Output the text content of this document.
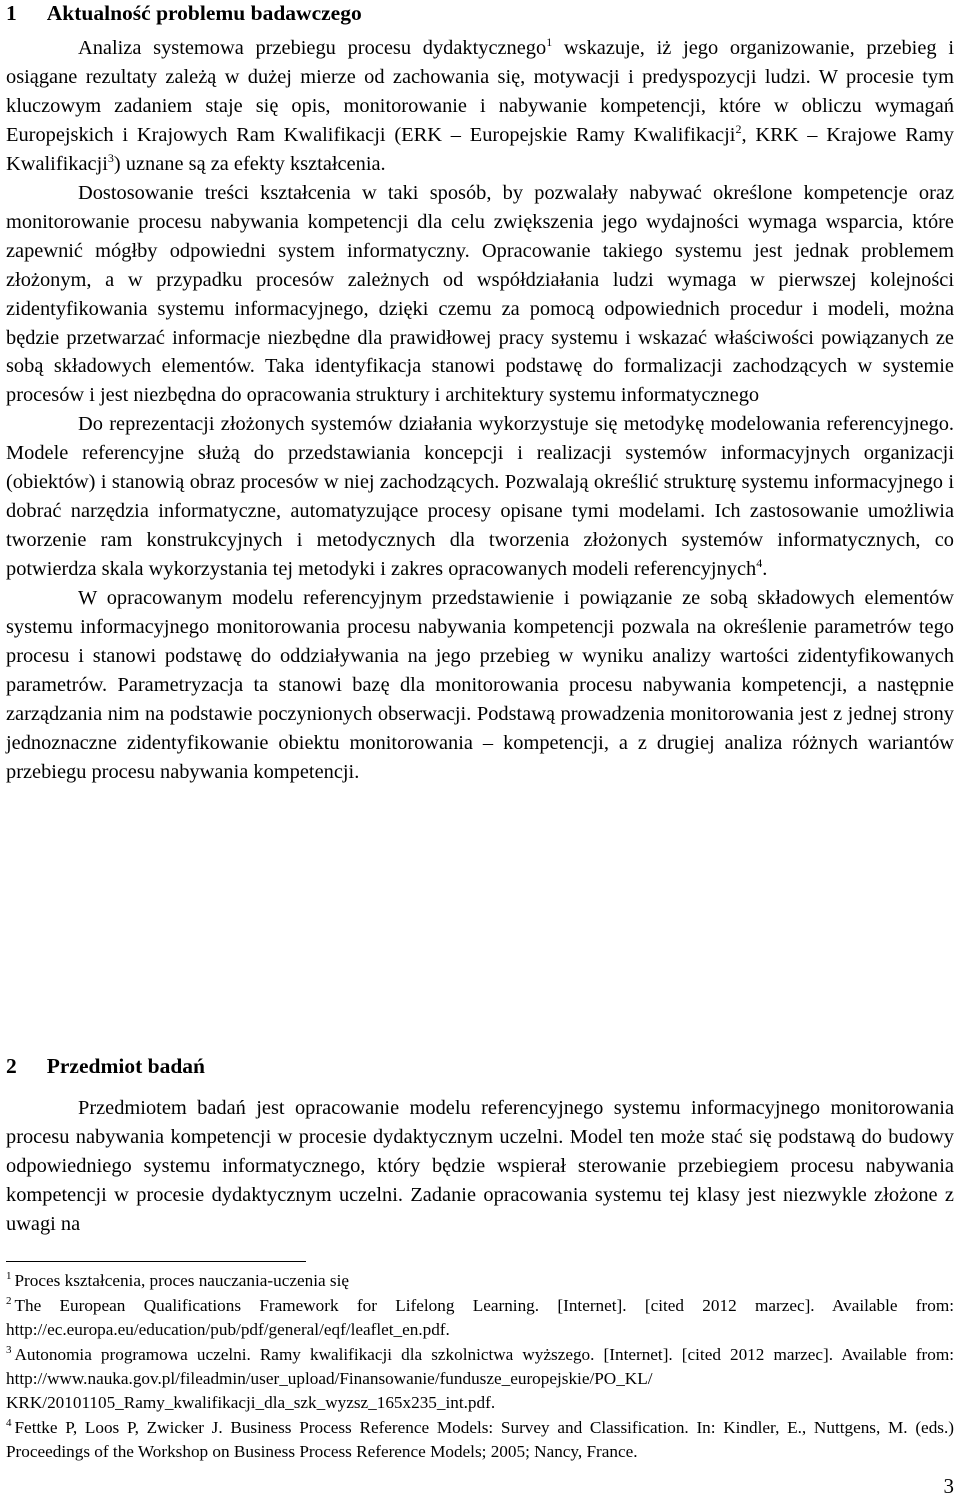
1 Aktualność problemu badawczego

Analiza systemowa przebiegu procesu dydaktycznego$^1$ wskazuje, iż jego organizowanie, przebieg i osiągane rezultaty zależą w dużej mierze od zachowania się, motywacji i predyspozycji ludzi. W procesie tym kluczowym zadaniem staje się opis, monitorowanie i nabywanie kompetencji, które w obliczu wymagań Europejskich i Krajowych Ram Kwalifikacji (ERK – Europejskie Ramy Kwalifikacji$^2$, KRK – Krajowe Ramy Kwalifikacji$^3$) uznane są za efekty kształcenia.

Dostosowanie treści kształcenia w taki sposób, by pozwalały nabywać określone kompetencje oraz monitorowanie procesu nabywania kompetencji dla celu zwiększenia jego wydajności wymaga wsparcia, które zapewnić mógłby odpowiedni system informatyczny. Opracowanie takiego systemu jest jednak problemem złożonym, a w przypadku procesów zależnych od współdziałania ludzi wymaga w pierwszej kolejności zidentyfikowania systemu informacyjnego, dzięki czemu za pomocą odpowiednich procedur i modeli, można będzie przetwarzać informacje niezbędne dla prawidłowej pracy systemu i wskazać właściwości powiązanych ze sobą składowych elementów. Taka identyfikacja stanowi podstawę do formalizacji zachodzących w systemie procesów i jest niezbędna do opracowania struktury i architektury systemu informatycznego

Do reprezentacji złożonych systemów działania wykorzystuje się metodykę modelowania referencyjnego. Modele referencyjne służą do przedstawiania koncepcji i realizacji systemów informacyjnych organizacji (obiektów) i stanowią obraz procesów w niej zachodzących. Pozwalają określić strukturę systemu informacyjnego i dobrać narzędzia informatyczne, automatyzujące procesy opisane tymi modelami. Ich zastosowanie umożliwia tworzenie ram konstrukcyjnych i metodycznych dla tworzenia złożonych systemów informatycznych, co potwierdza skala wykorzystania tej metodyki i zakres opracowanych modeli referencyjnych$^4$.

W opracowanym modelu referencyjnym przedstawienie i powiązanie ze sobą składowych elementów systemu informacyjnego monitorowania procesu nabywania kompetencji pozwala na określenie parametrów tego procesu i stanowi podstawę do oddziaływania na jego przebieg w wyniku analizy wartości zidentyfikowanych parametrów. Parametryzacja ta stanowi bazę dla monitorowania procesu nabywania kompetencji, a następnie zarządzania nim na podstawie poczynionych obserwacji. Podstawą prowadzenia monitorowania jest z jednej strony jednoznaczne zidentyfikowanie obiektu monitorowania – kompetencji, a z drugiej analiza różnych wariantów przebiegu procesu nabywania kompetencji.

2 Przedmiot badań

Przedmiotem badań jest opracowanie modelu referencyjnego systemu informacyjnego monitorowania procesu nabywania kompetencji w procesie dydaktycznym uczelni. Model ten może stać się podstawą do budowy odpowiedniego systemu informatycznego, który będzie wspierał sterowanie przebiegiem procesu nabywania kompetencji w procesie dydaktycznym uczelni. Zadanie opracowania systemu tej klasy jest niezwykle złożone z uwagi na

$^1$ Proces kształcenia, proces nauczania-uczenia się

$^2$ The European Qualifications Framework for Lifelong Learning. [Internet]. [cited 2012 marzec]. Available from: http://ec.europa.eu/education/pub/pdf/general/eqf/leaflet_en.pdf.

$^3$ Autonomia programowa uczelni. Ramy kwalifikacji dla szkolnictwa wyższego. [Internet]. [cited 2012 marzec]. Available from: http://www.nauka.gov.pl/fileadmin/user_upload/Finansowanie/fundusze_europejskie/PO_KL/ KRK/20101105_Ramy_kwalifikacji_dla_szk_wyzsz_165x235_int.pdf.

$^4$ Fettke P, Loos P, Zwicker J. Business Process Reference Models: Survey and Classification. In: Kindler, E., Nuttgens, M. (eds.) Proceedings of the Workshop on Business Process Reference Models; 2005; Nancy, France.

3
